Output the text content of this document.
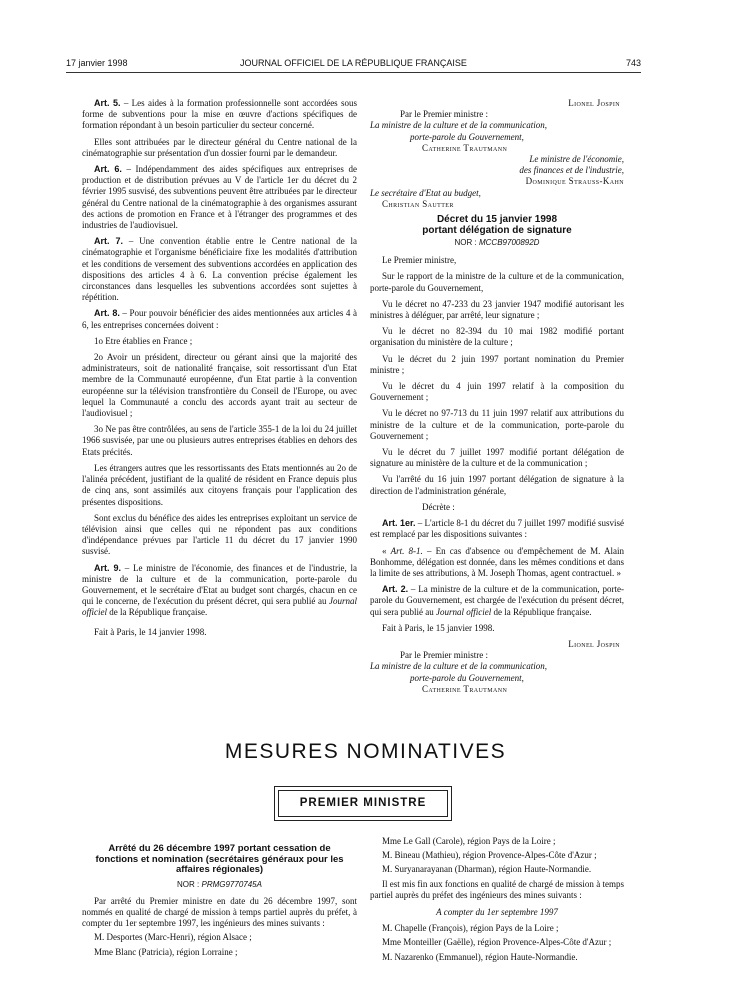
17 janvier 1998	JOURNAL OFFICIEL DE LA RÉPUBLIQUE FRANÇAISE	743

Art. 5. – Les aides à la formation professionnelle sont accordées sous forme de subventions pour la mise en œuvre d'actions spécifiques de formation répondant à un besoin particulier du secteur concerné.

Elles sont attribuées par le directeur général du Centre national de la cinématographie sur présentation d'un dossier fourni par le demandeur.

Art. 6. – Indépendamment des aides spécifiques aux entreprises de production et de distribution prévues au V de l'article 1er du décret du 2 février 1995 susvisé, des subventions peuvent être attribuées par le directeur général du Centre national de la cinématographie à des organismes assurant des actions de promotion en France et à l'étranger des programmes et des industries de l'audiovisuel.

Art. 7. – Une convention établie entre le Centre national de la cinématographie et l'organisme bénéficiaire fixe les modalités d'attribution et les conditions de versement des subventions accordées en application des dispositions des articles 4 à 6. La convention précise également les circonstances dans lesquelles les subventions accordées sont sujettes à répétition.

Art. 8. – Pour pouvoir bénéficier des aides mentionnées aux articles 4 à 6, les entreprises concernées doivent :

1o Etre établies en France ;

2o Avoir un président, directeur ou gérant ainsi que la majorité des administrateurs, soit de nationalité française, soit ressortissant d'un Etat membre de la Communauté européenne, d'un Etat partie à la convention européenne sur la télévision transfrontière du Conseil de l'Europe, ou avec lequel la Communauté a conclu des accords ayant trait au secteur de l'audiovisuel ;

3o Ne pas être contrôlées, au sens de l'article 355-1 de la loi du 24 juillet 1966 susvisée, par une ou plusieurs autres entreprises établies en dehors des Etats précités.

Les étrangers autres que les ressortissants des Etats mentionnés au 2o de l'alinéa précédent, justifiant de la qualité de résident en France depuis plus de cinq ans, sont assimilés aux citoyens français pour l'application des présentes dispositions.

Sont exclus du bénéfice des aides les entreprises exploitant un service de télévision ainsi que celles qui ne répondent pas aux conditions d'indépendance prévues par l'article 11 du décret du 17 janvier 1990 susvisé.

Art. 9. – Le ministre de l'économie, des finances et de l'industrie, la ministre de la culture et de la communication, porte-parole du Gouvernement, et le secrétaire d'Etat au budget sont chargés, chacun en ce qui le concerne, de l'exécution du présent décret, qui sera publié au Journal officiel de la République française.

Fait à Paris, le 14 janvier 1998.

Lionel Jospin
Par le Premier ministre :
La ministre de la culture et de la communication,
porte-parole du Gouvernement,
Catherine Trautmann
Le ministre de l'économie,
des finances et de l'industrie,
Dominique Strauss-Kahn
Le secrétaire d'Etat au budget,
Christian Sautter
Décret du 15 janvier 1998
portant délégation de signature
NOR : MCCB9700892D

Le Premier ministre,

Sur le rapport de la ministre de la culture et de la communication, porte-parole du Gouvernement,

Vu le décret no 47-233 du 23 janvier 1947 modifié autorisant les ministres à déléguer, par arrêté, leur signature ;

Vu le décret no 82-394 du 10 mai 1982 modifié portant organisation du ministère de la culture ;

Vu le décret du 2 juin 1997 portant nomination du Premier ministre ;

Vu le décret du 4 juin 1997 relatif à la composition du Gouvernement ;

Vu le décret no 97-713 du 11 juin 1997 relatif aux attributions du ministre de la culture et de la communication, porte-parole du Gouvernement ;

Vu le décret du 7 juillet 1997 modifié portant délégation de signature au ministère de la culture et de la communication ;

Vu l'arrêté du 16 juin 1997 portant délégation de signature à la direction de l'administration générale,

Décrète :

Art. 1er. – L'article 8-1 du décret du 7 juillet 1997 modifié susvisé est remplacé par les dispositions suivantes :

« Art. 8-1. – En cas d'absence ou d'empêchement de M. Alain Bonhomme, délégation est donnée, dans les mêmes conditions et dans la limite de ses attributions, à M. Joseph Thomas, agent contractuel. »

Art. 2. – La ministre de la culture et de la communication, porte-parole du Gouvernement, est chargée de l'exécution du présent décret, qui sera publié au Journal officiel de la République française.

Fait à Paris, le 15 janvier 1998.

Lionel Jospin
Par le Premier ministre :
La ministre de la culture et de la communication,
porte-parole du Gouvernement,
Catherine Trautmann
MESURES NOMINATIVES
PREMIER MINISTRE
Arrêté du 26 décembre 1997 portant cessation de fonctions et nomination (secrétaires généraux pour les affaires régionales)
NOR : PRMG9770745A

Par arrêté du Premier ministre en date du 26 décembre 1997, sont nommés en qualité de chargé de mission à temps partiel auprès du préfet, à compter du 1er septembre 1997, les ingénieurs des mines suivants :

M. Desportes (Marc-Henri), région Alsace ;

Mme Blanc (Patricia), région Lorraine ;

Mme Le Gall (Carole), région Pays de la Loire ;

M. Bineau (Mathieu), région Provence-Alpes-Côte d'Azur ;

M. Suryanarayanan (Dharman), région Haute-Normandie.

Il est mis fin aux fonctions en qualité de chargé de mission à temps partiel auprès du préfet des ingénieurs des mines suivants :

A compter du 1er septembre 1997

M. Chapelle (François), région Pays de la Loire ;

Mme Monteiller (Gaëlle), région Provence-Alpes-Côte d'Azur ;

M. Nazarenko (Emmanuel), région Haute-Normandie.
